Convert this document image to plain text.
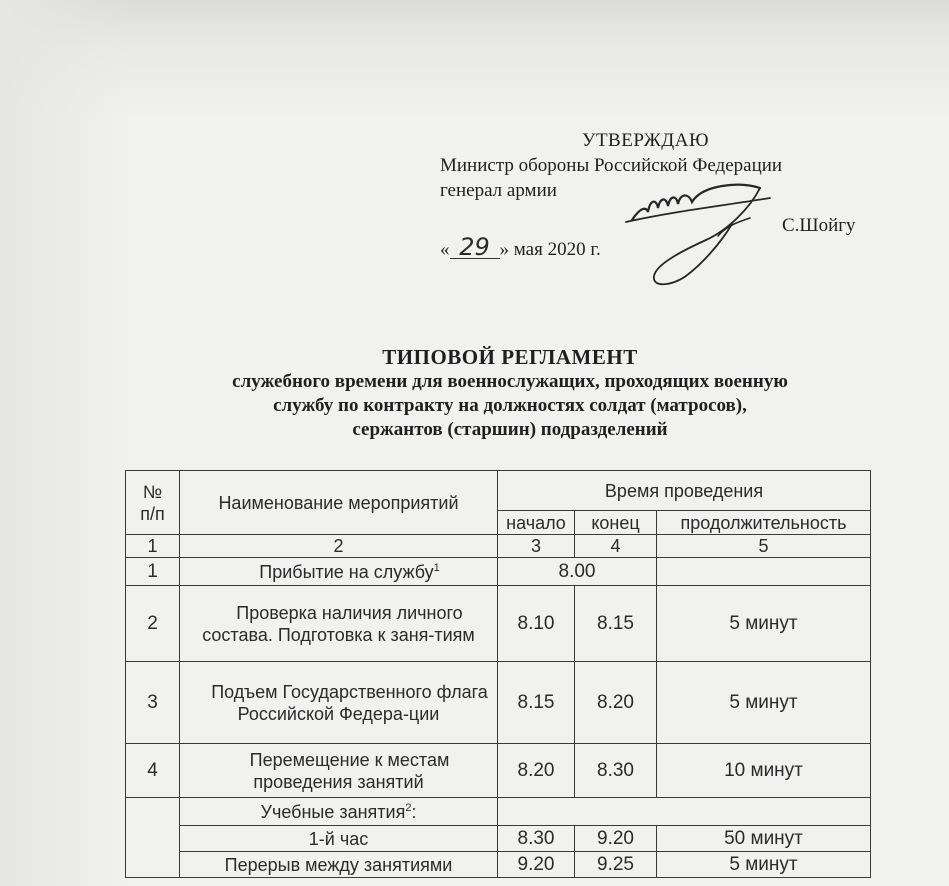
УТВЕРЖДАЮ
Министр обороны Российской Федерации
генерал армии
С.Шойгу
« 29 » мая 2020 г.
ТИПОВОЙ РЕГЛАМЕНТ
служебного времени для военнослужащих, проходящих военную
службу по контракту на должностях солдат (матросов),
сержантов (старшин) подразделений
№
п/п	Наименование мероприятий	Время проведения		
		начало	конец	продолжительность
1	2	3	4	5
1	Прибытие на службу$^1$	8.00		
2	Проверка наличия личного состава. Подготовка к заня-тиям	8.10	8.15	5 минут
3	Подъем Государственного флага Российской Федера-ции	8.15	8.20	5 минут
4	Перемещение к местам проведения занятий	8.20	8.30	10 минут
	Учебные занятия$^2$:			
	1-й час	8.30	9.20	50 минут
	Перерыв между занятиями	9.20	9.25	5 минут
